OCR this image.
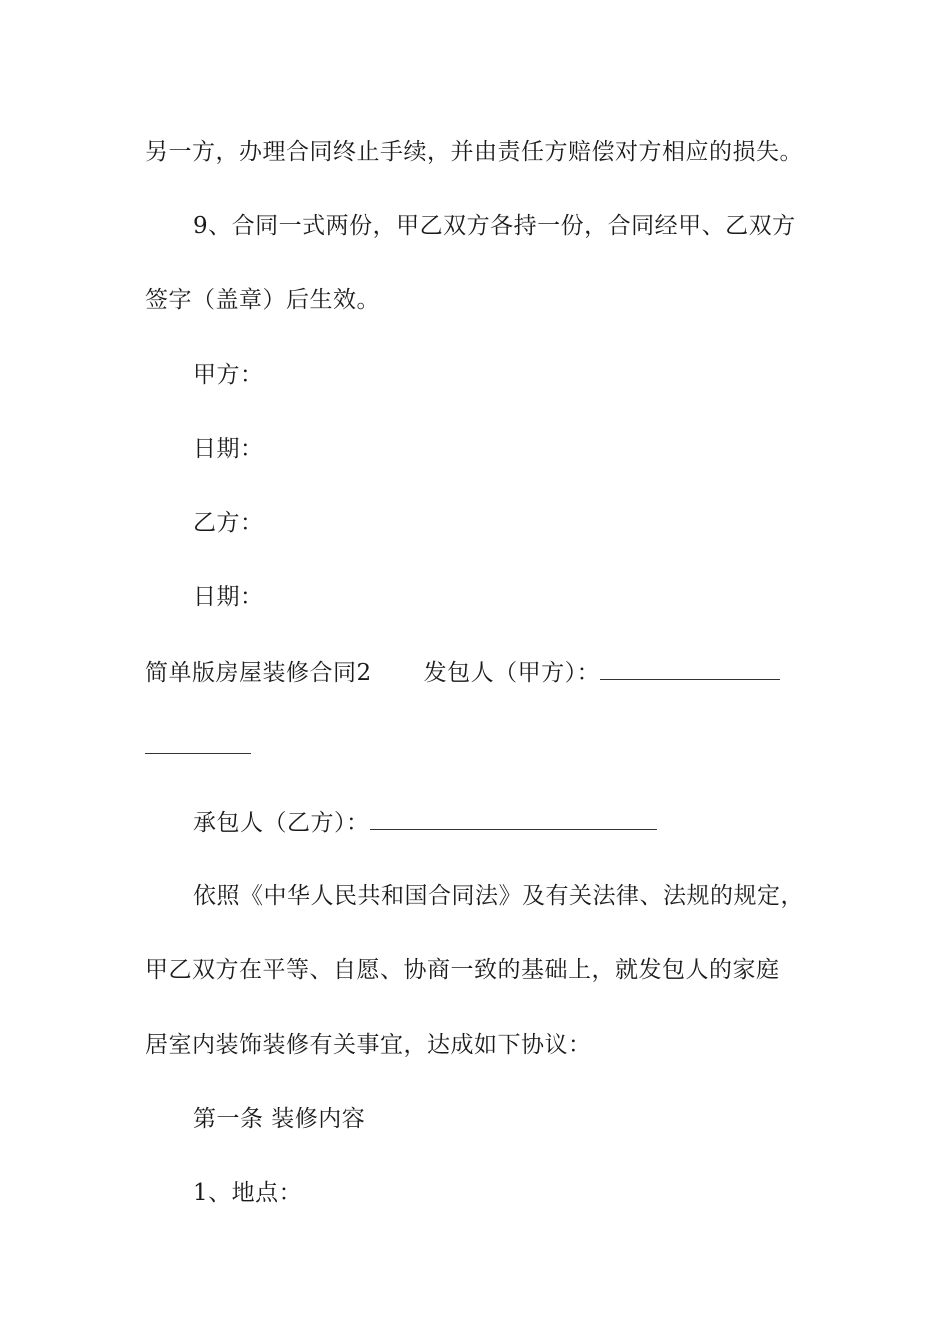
另一方，办理合同终止手续，并由责任方赔偿对方相应的损失。
9、合同一式两份，甲乙双方各持一份，合同经甲、乙双方
签字（盖章）后生效。
甲方：
日期：
乙方：
日期：
简单版房屋装修合同2 发包人（甲方）：
承包人（乙方）：
依照《中华人民共和国合同法》及有关法律、法规的规定，
甲乙双方在平等、自愿、协商一致的基础上，就发包人的家庭
居室内装饰装修有关事宜，达成如下协议：
第一条 装修内容
1、地点：
